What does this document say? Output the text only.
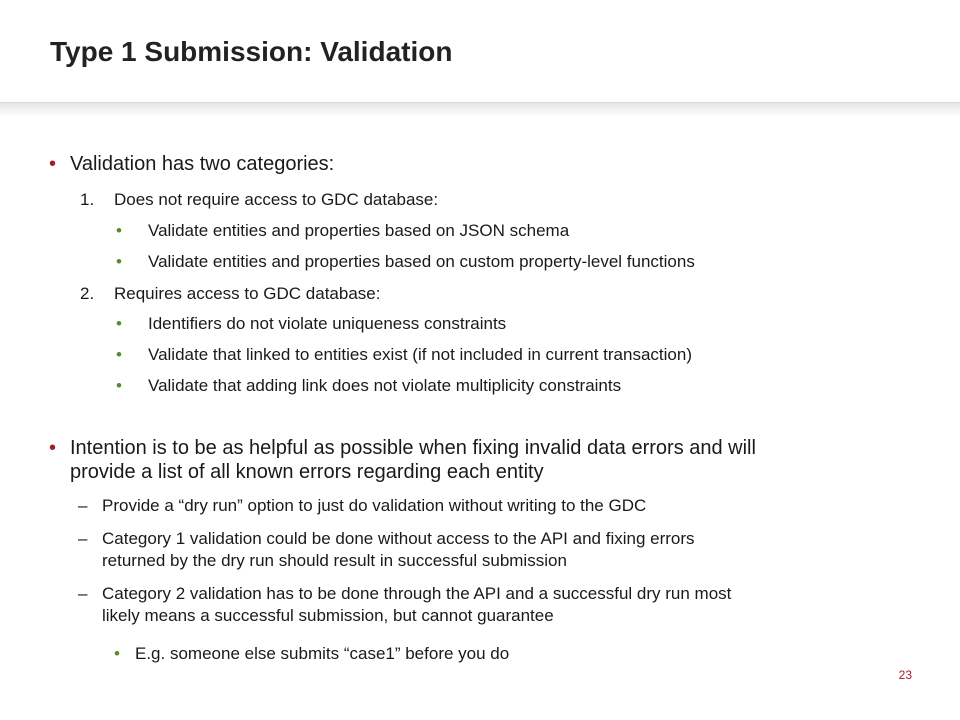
Type 1 Submission: Validation
• Validation has two categories:
1. Does not require access to GDC database:
• Validate entities and properties based on JSON schema
• Validate entities and properties based on custom property-level functions
2. Requires access to GDC database:
• Identifiers do not violate uniqueness constraints
• Validate that linked to entities exist (if not included in current transaction)
• Validate that adding link does not violate multiplicity constraints
• Intention is to be as helpful as possible when fixing invalid data errors and will
provide a list of all known errors regarding each entity
– Provide a “dry run” option to just do validation without writing to the GDC
– Category 1 validation could be done without access to the API and fixing errors
returned by the dry run should result in successful submission
– Category 2 validation has to be done through the API and a successful dry run most
likely means a successful submission, but cannot guarantee
• E.g. someone else submits “case1” before you do
23
